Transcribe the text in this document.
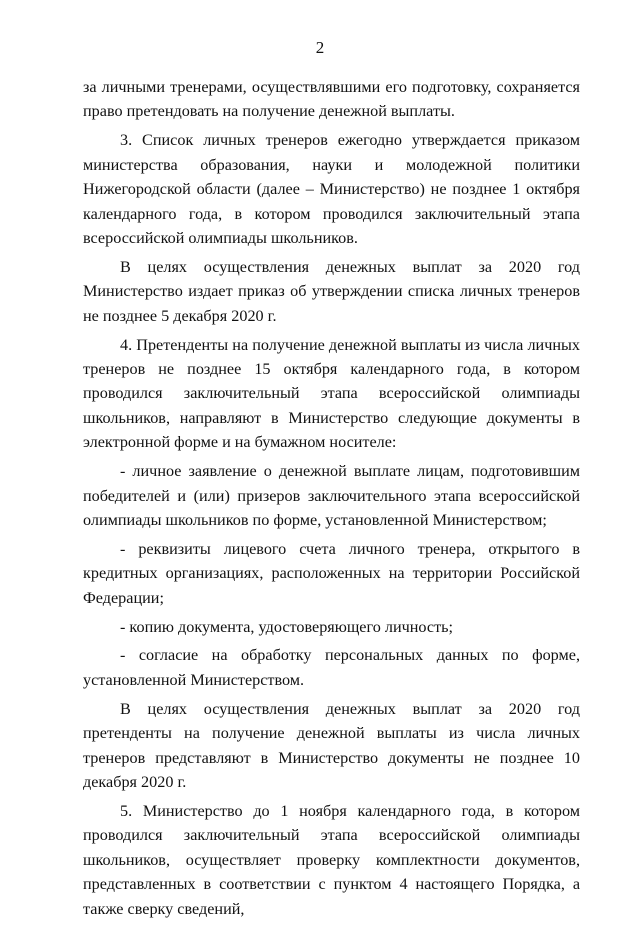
2

за личными тренерами, осуществлявшими его подготовку, сохраняется право претендовать на получение денежной выплаты.

3. Список личных тренеров ежегодно утверждается приказом министерства образования, науки и молодежной политики Нижегородской области (далее – Министерство) не позднее 1 октября календарного года, в котором проводился заключительный этапа всероссийской олимпиады школьников.

В целях осуществления денежных выплат за 2020 год Министерство издает приказ об утверждении списка личных тренеров не позднее 5 декабря 2020 г.

4. Претенденты на получение денежной выплаты из числа личных тренеров не позднее 15 октября календарного года, в котором проводился заключительный этапа всероссийской олимпиады школьников, направляют в Министерство следующие документы в электронной форме и на бумажном носителе:

- личное заявление о денежной выплате лицам, подготовившим победителей и (или) призеров заключительного этапа всероссийской олимпиады школьников по форме, установленной Министерством;

- реквизиты лицевого счета личного тренера, открытого в кредитных организациях, расположенных на территории Российской Федерации;

- копию документа, удостоверяющего личность;

- согласие на обработку персональных данных по форме, установленной Министерством.

В целях осуществления денежных выплат за 2020 год претенденты на получение денежной выплаты из числа личных тренеров представляют в Министерство документы не позднее 10 декабря 2020 г.

5. Министерство до 1 ноября календарного года, в котором проводился заключительный этапа всероссийской олимпиады школьников, осуществляет проверку комплектности документов, представленных в соответствии с пунктом 4 настоящего Порядка, а также сверку сведений,
